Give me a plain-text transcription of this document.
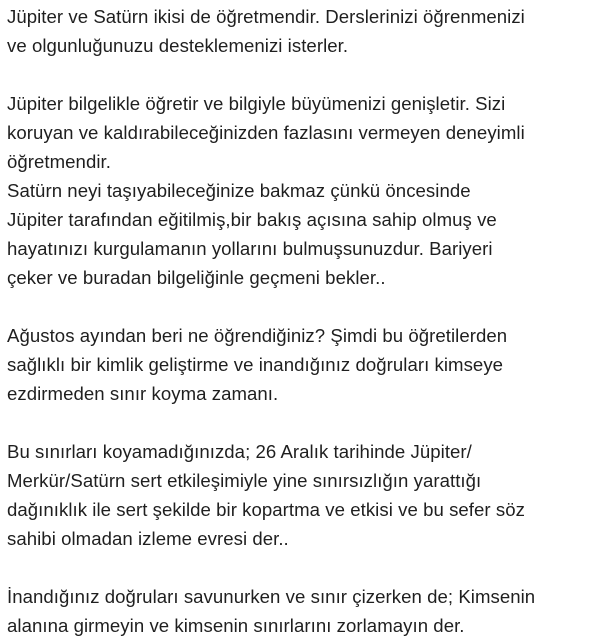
Jüpiter ve Satürn ikisi de öğretmendir. Derslerinizi öğrenmenizi
ve olgunluğunuzu desteklemenizi isterler.
Jüpiter bilgelikle öğretir ve bilgiyle büyümenizi genişletir. Sizi
koruyan ve kaldırabileceğinizden fazlasını vermeyen deneyimli
öğretmendir.
Satürn neyi taşıyabileceğinize bakmaz çünkü öncesinde
Jüpiter tarafından eğitilmiş,bir bakış açısına sahip olmuş ve
hayatınızı kurgulamanın yollarını bulmuşsunuzdur. Bariyeri
çeker ve buradan bilgeliğinle geçmeni bekler..
Ağustos ayından beri ne öğrendiğiniz? Şimdi bu öğretilerden
sağlıklı bir kimlik geliştirme ve inandığınız doğruları kimseye
ezdirmeden sınır koyma zamanı.
Bu sınırları koyamadığınızda; 26 Aralık tarihinde Jüpiter/
Merkür/Satürn sert etkileşimiyle yine sınırsızlığın yarattığı
dağınıklık ile sert şekilde bir kopartma ve etkisi ve bu sefer söz
sahibi olmadan izleme evresi der..
İnandığınız doğruları savunurken ve sınır çizerken de; Kimsenin
alanına girmeyin ve kimsenin sınırlarını zorlamayın der.
